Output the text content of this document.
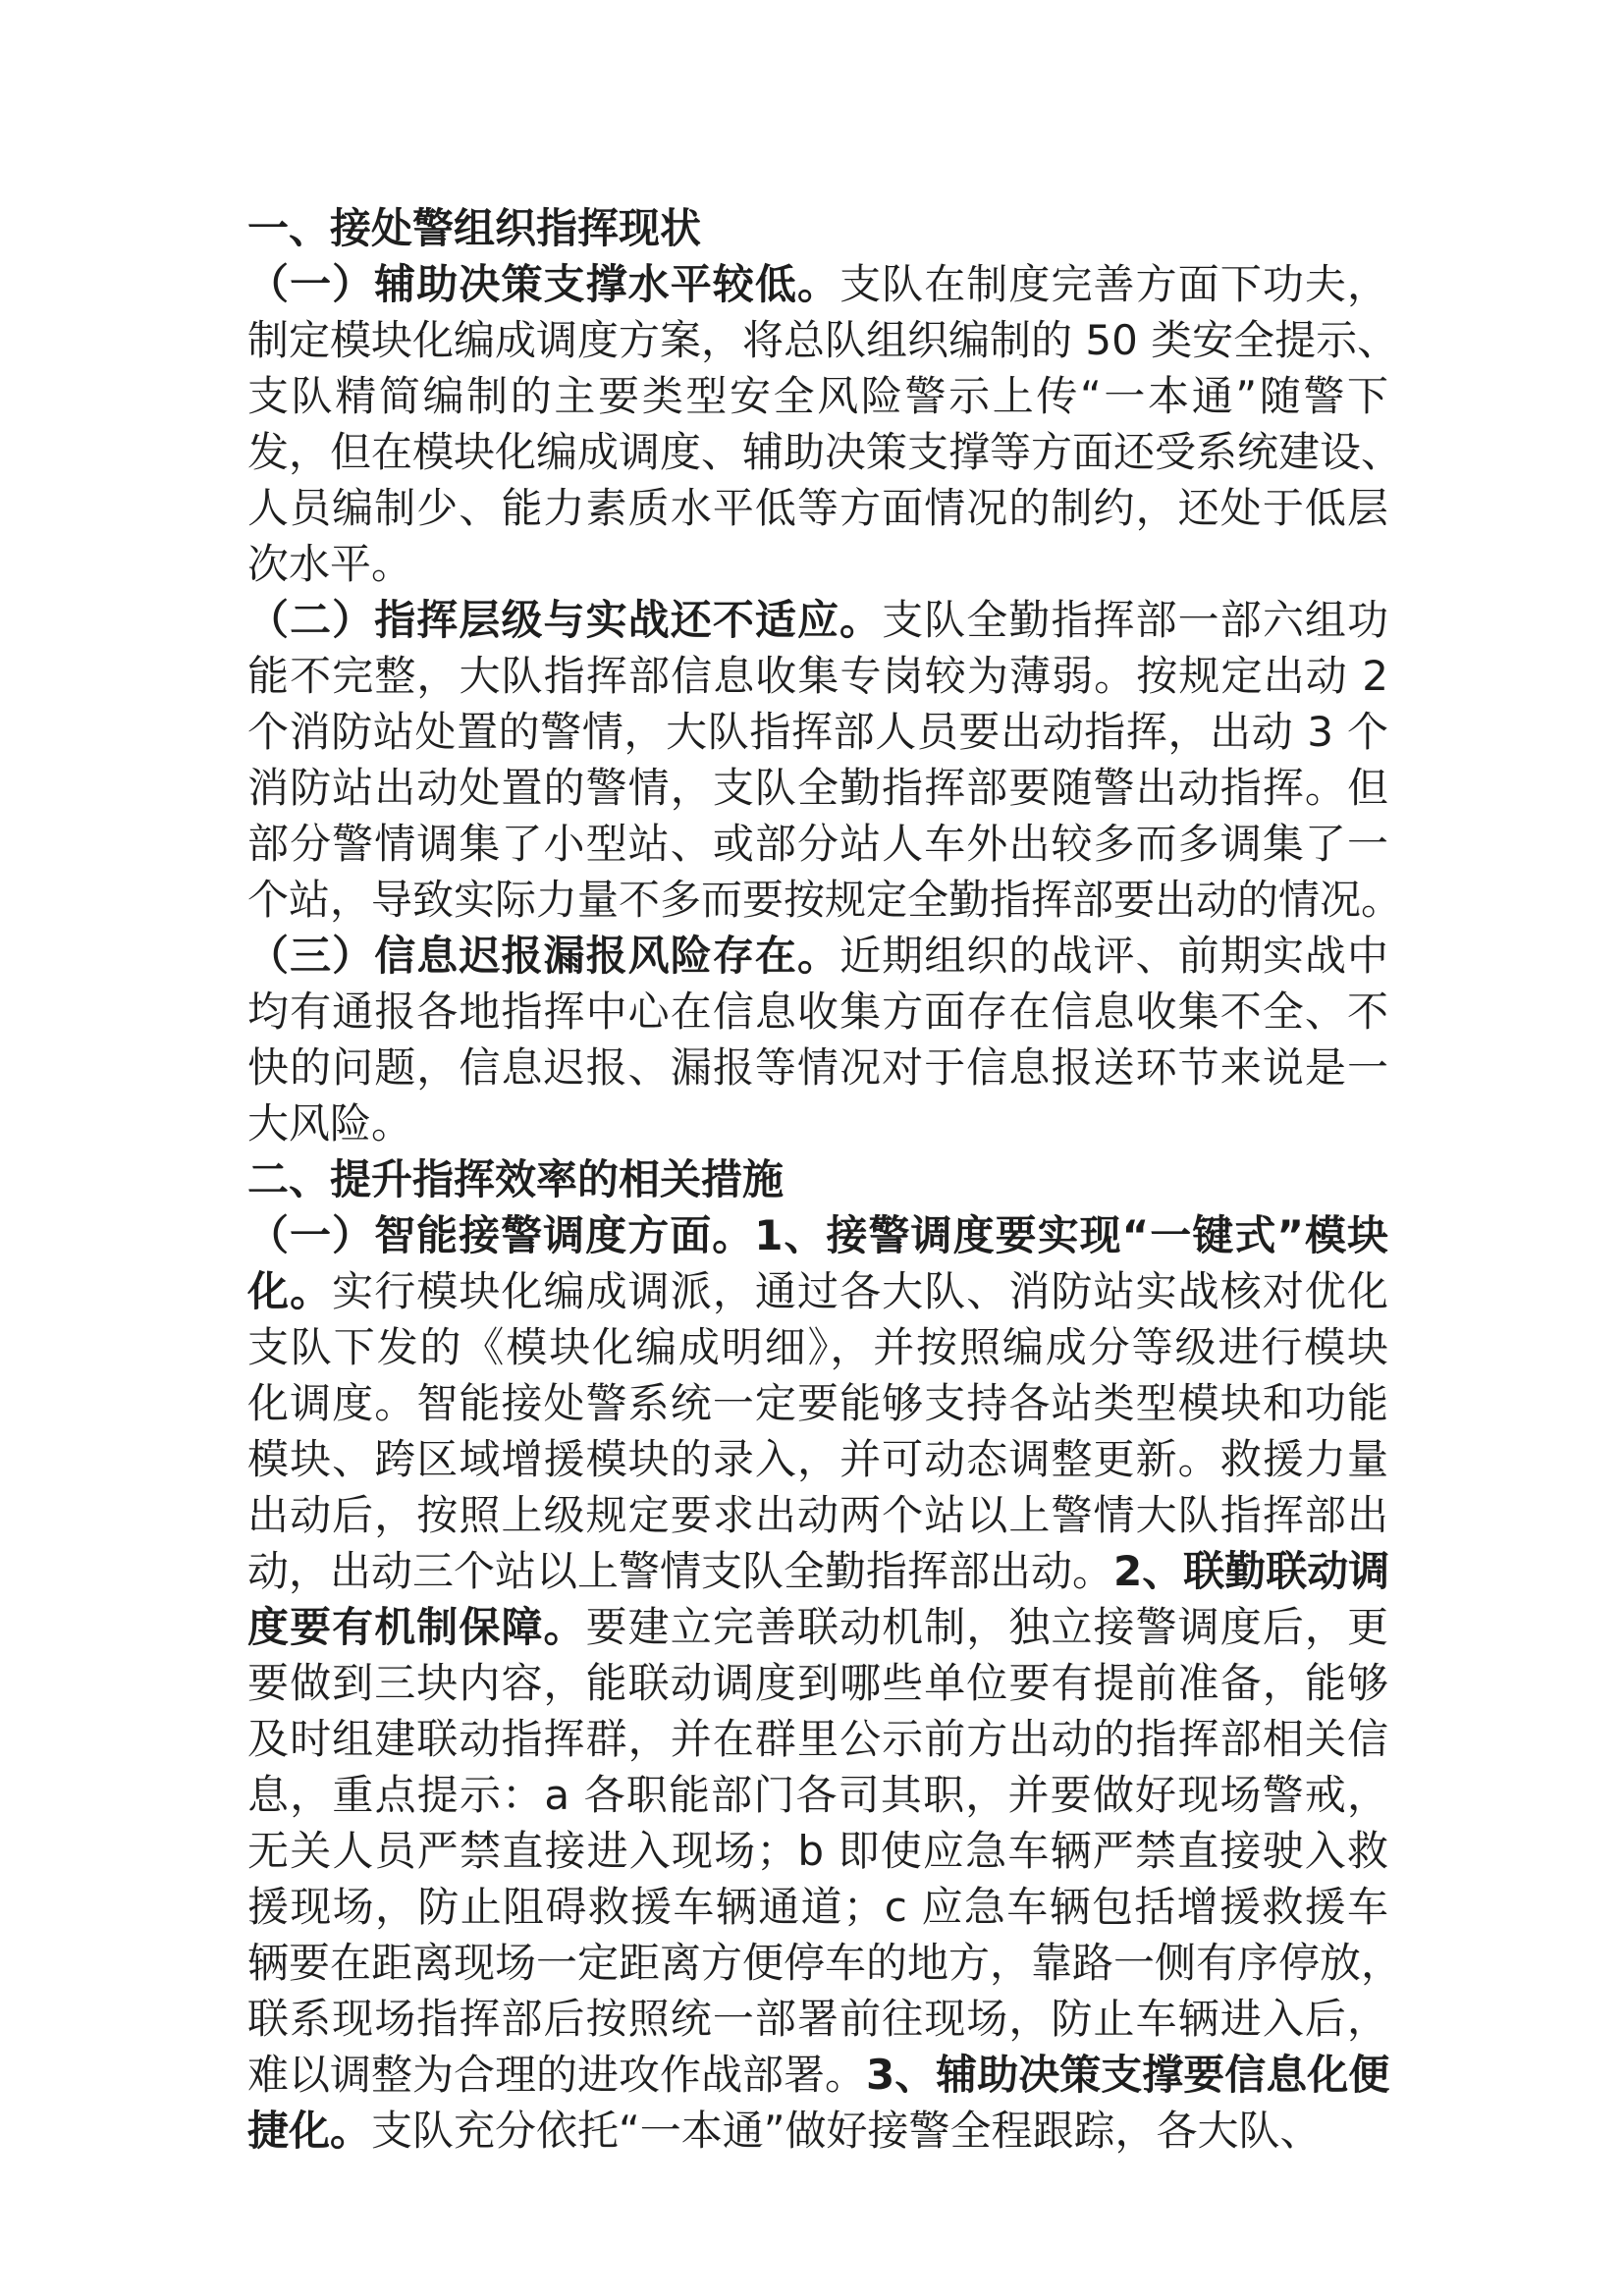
一、接处警组织指挥现状
（一）辅助决策支撑水平较低。支队在制度完善方面下功夫，
制定模块化编成调度方案，将总队组织编制的 50 类安全提示、
支队精简编制的主要类型安全风险警示上传“一本通”随警下
发，但在模块化编成调度、辅助决策支撑等方面还受系统建设、
人员编制少、能力素质水平低等方面情况的制约，还处于低层
次水平。
（二）指挥层级与实战还不适应。支队全勤指挥部一部六组功
能不完整，大队指挥部信息收集专岗较为薄弱。按规定出动 2
个消防站处置的警情，大队指挥部人员要出动指挥，出动 3 个
消防站出动处置的警情，支队全勤指挥部要随警出动指挥。但
部分警情调集了小型站、或部分站人车外出较多而多调集了一
个站，导致实际力量不多而要按规定全勤指挥部要出动的情况。
（三）信息迟报漏报风险存在。近期组织的战评、前期实战中
均有通报各地指挥中心在信息收集方面存在信息收集不全、不
快的问题，信息迟报、漏报等情况对于信息报送环节来说是一
大风险。
二、提升指挥效率的相关措施
（一）智能接警调度方面。1、接警调度要实现“一键式”模块
化。实行模块化编成调派，通过各大队、消防站实战核对优化
支队下发的《模块化编成明细》，并按照编成分等级进行模块
化调度。智能接处警系统一定要能够支持各站类型模块和功能
模块、跨区域增援模块的录入，并可动态调整更新。救援力量
出动后，按照上级规定要求出动两个站以上警情大队指挥部出
动，出动三个站以上警情支队全勤指挥部出动。2、联勤联动调
度要有机制保障。要建立完善联动机制，独立接警调度后，更
要做到三块内容，能联动调度到哪些单位要有提前准备，能够
及时组建联动指挥群，并在群里公示前方出动的指挥部相关信
息，重点提示：a 各职能部门各司其职，并要做好现场警戒，
无关人员严禁直接进入现场；b 即使应急车辆严禁直接驶入救
援现场，防止阻碍救援车辆通道；c 应急车辆包括增援救援车
辆要在距离现场一定距离方便停车的地方，靠路一侧有序停放，
联系现场指挥部后按照统一部署前往现场，防止车辆进入后，
难以调整为合理的进攻作战部署。3、辅助决策支撑要信息化便
捷化。支队充分依托“一本通”做好接警全程跟踪，各大队、
